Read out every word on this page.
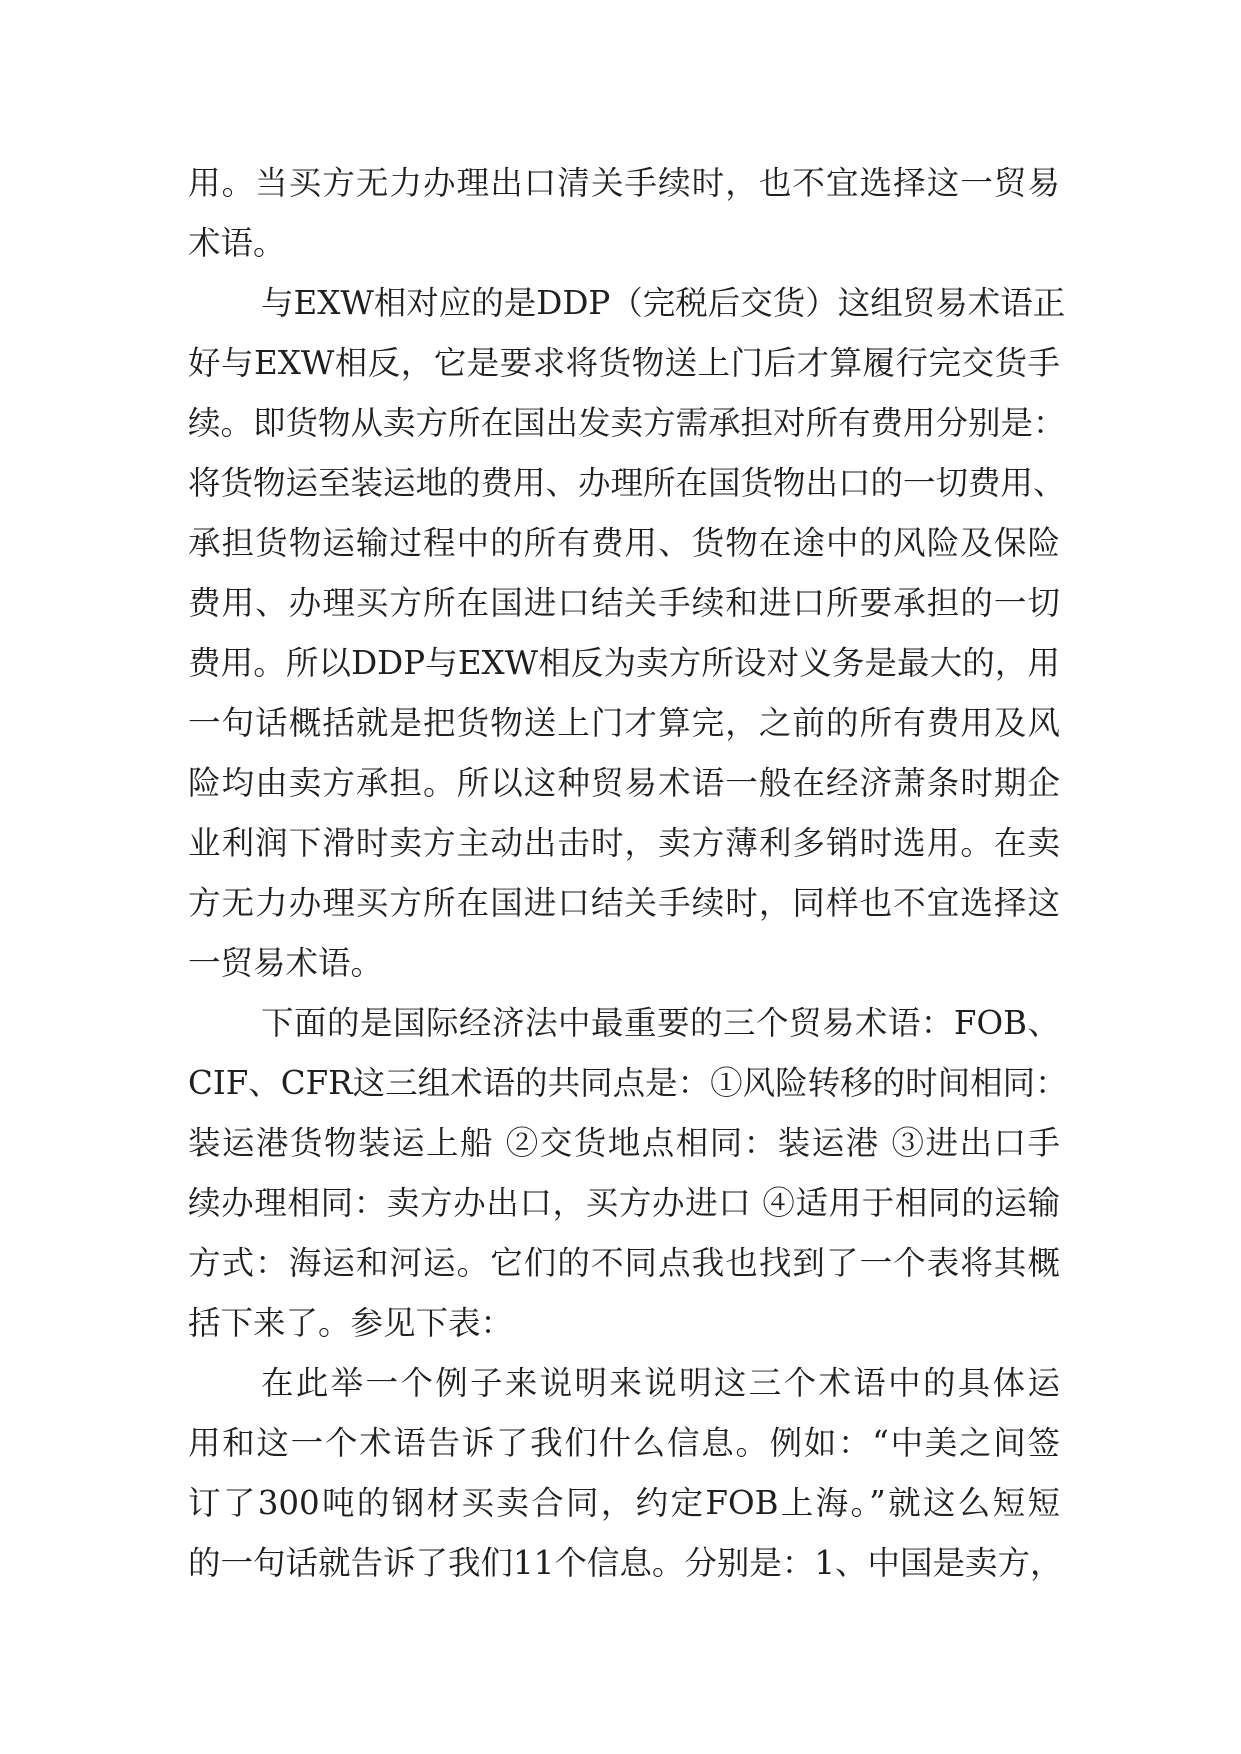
用。当买方无力办理出口清关手续时，也不宜选择这一贸易
术语。
与EXW相对应的是DDP（完税后交货）这组贸易术语正
好与EXW相反，它是要求将货物送上门后才算履行完交货手
续。即货物从卖方所在国出发卖方需承担对所有费用分别是：
将货物运至装运地的费用、办理所在国货物出口的一切费用、
承担货物运输过程中的所有费用、货物在途中的风险及保险
费用、办理买方所在国进口结关手续和进口所要承担的一切
费用。所以DDP与EXW相反为卖方所设对义务是最大的，用
一句话概括就是把货物送上门才算完，之前的所有费用及风
险均由卖方承担。所以这种贸易术语一般在经济萧条时期企
业利润下滑时卖方主动出击时，卖方薄利多销时选用。在卖
方无力办理买方所在国进口结关手续时，同样也不宜选择这
一贸易术语。
下面的是国际经济法中最重要的三个贸易术语：FOB、
CIF、CFR这三组术语的共同点是：①风险转移的时间相同：
装运港货物装运上船 ②交货地点相同：装运港 ③进出口手
续办理相同：卖方办出口，买方办进口 ④适用于相同的运输
方式：海运和河运。它们的不同点我也找到了一个表将其概
括下来了。参见下表：
在此举一个例子来说明来说明这三个术语中的具体运
用和这一个术语告诉了我们什么信息。例如：“中美之间签
订了300吨的钢材买卖合同，约定FOB上海。”就这么短短
的一句话就告诉了我们11个信息。分别是：1、中国是卖方，
